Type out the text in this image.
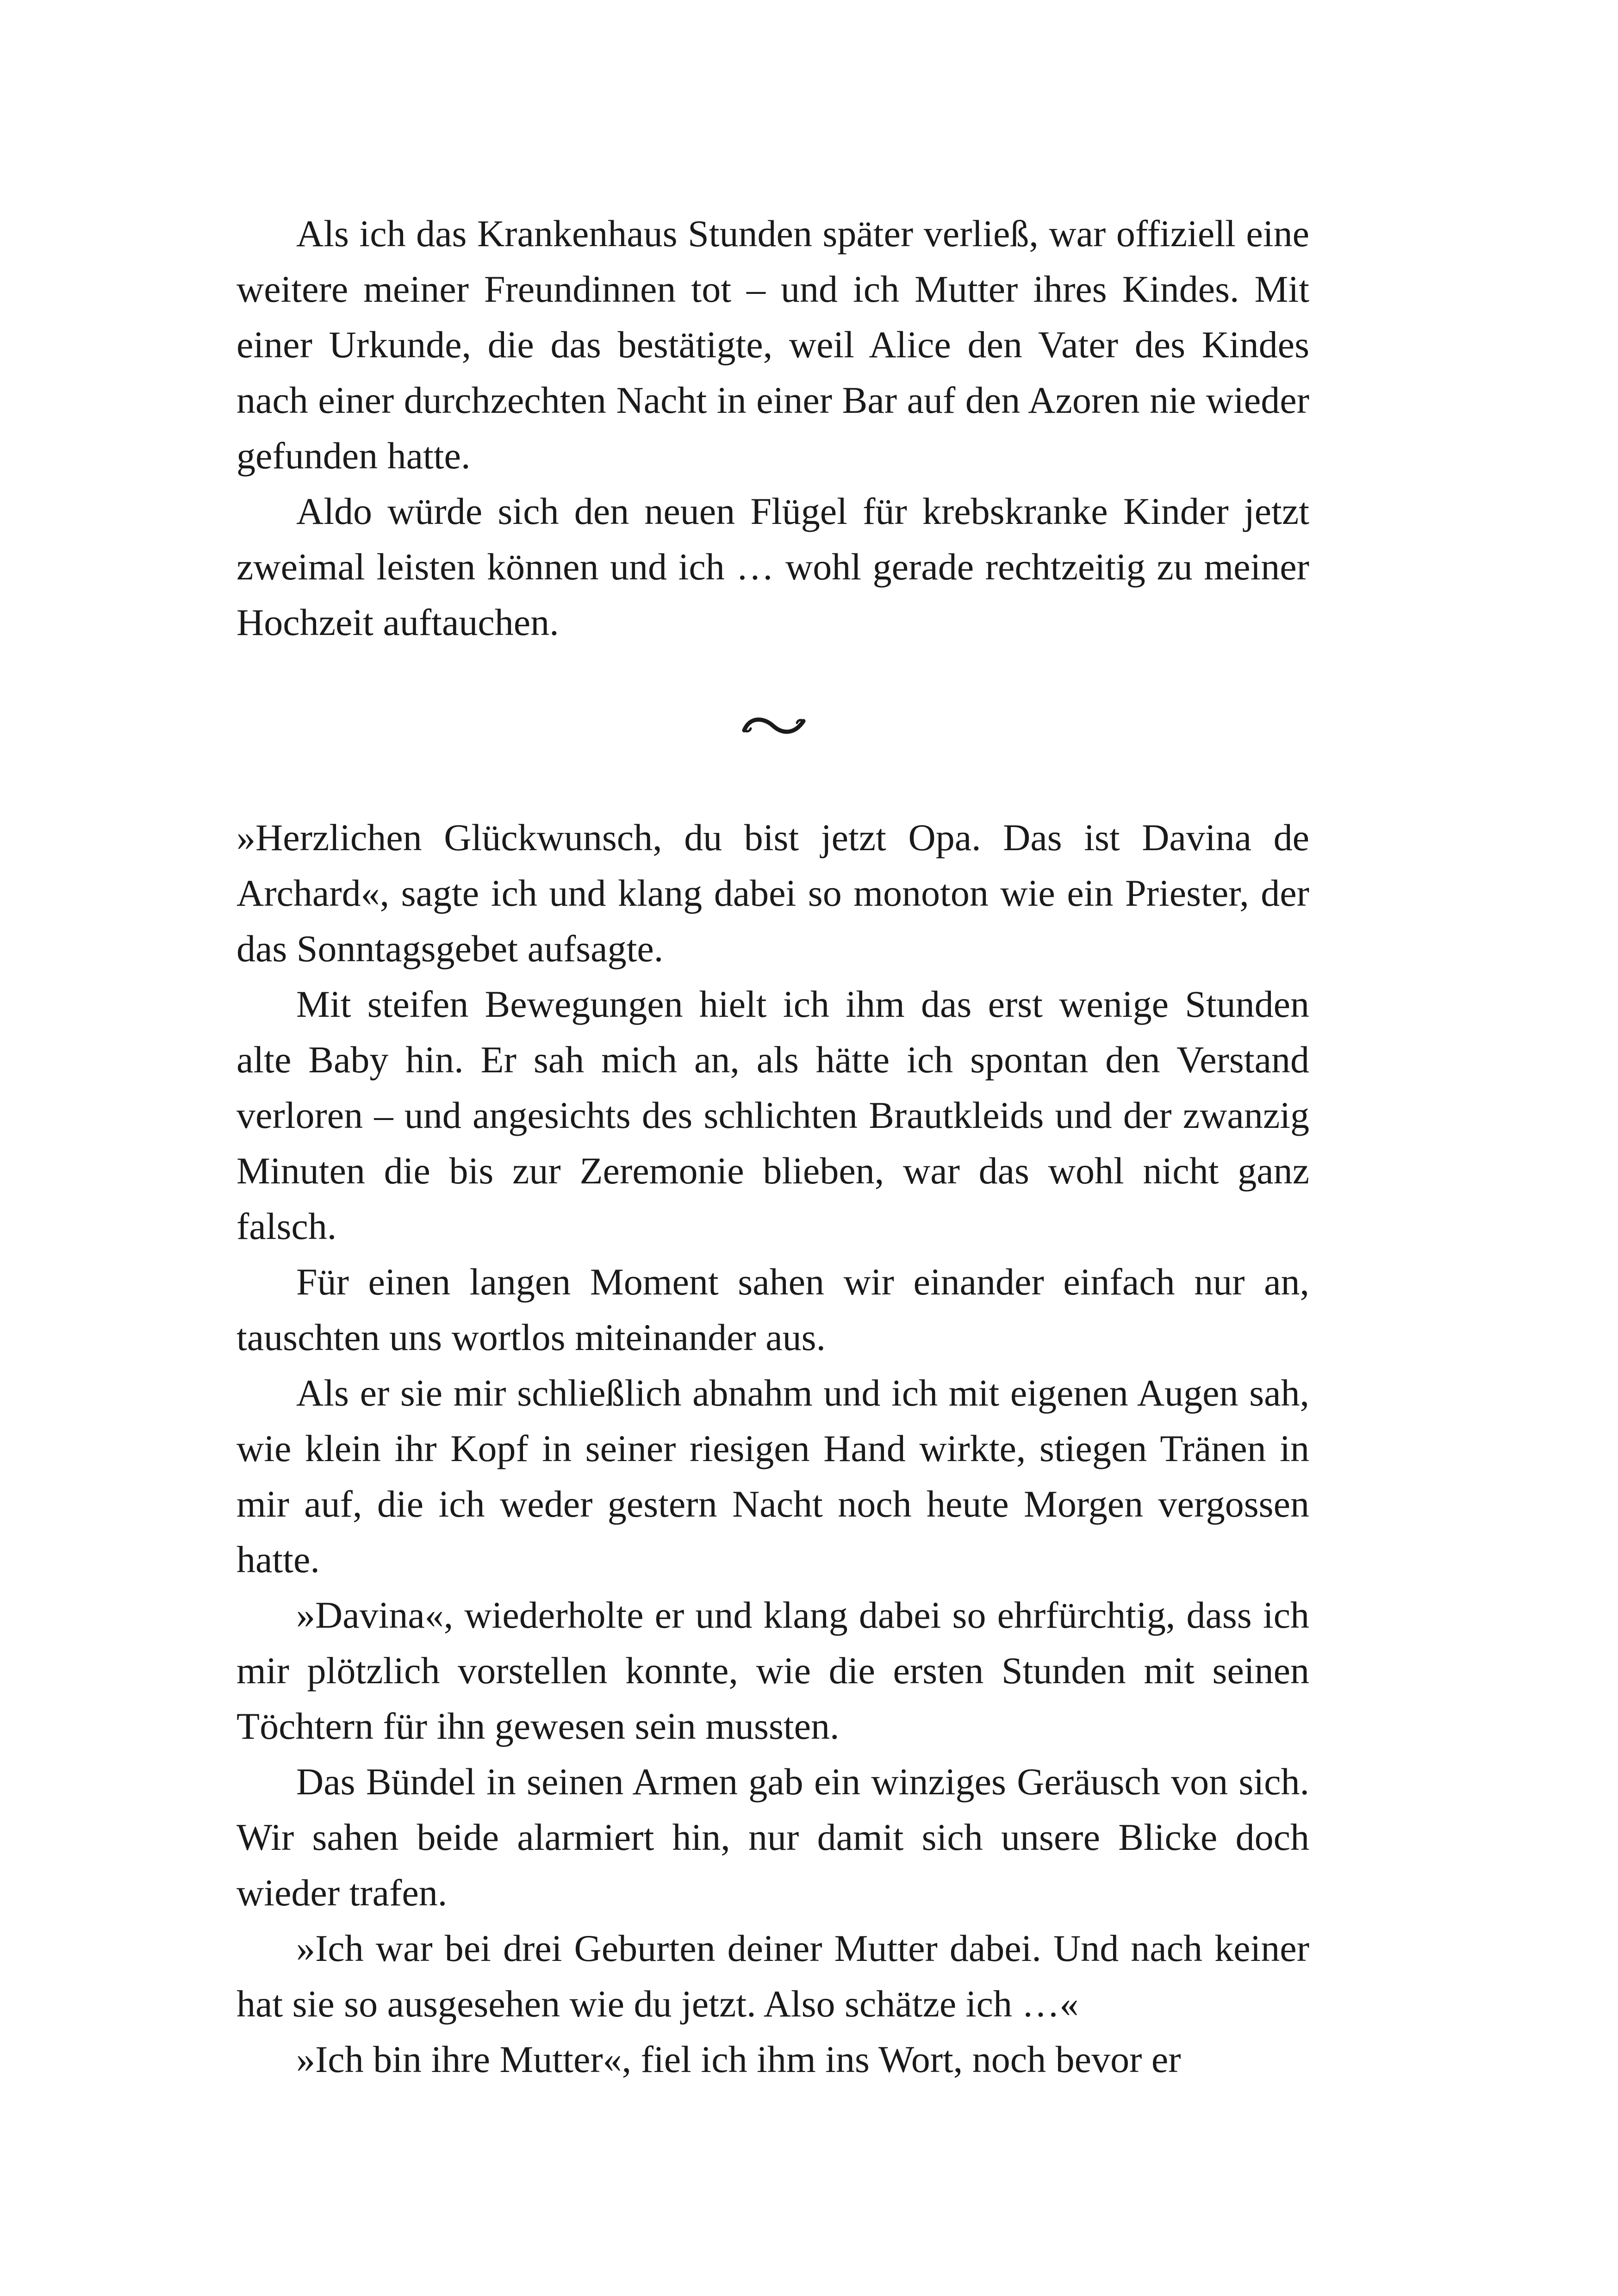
Als ich das Krankenhaus Stunden später verließ, war offiziell eine weitere meiner Freundinnen tot – und ich Mutter ihres Kindes. Mit einer Urkunde, die das bestätigte, weil Alice den Vater des Kindes nach einer durchzechten Nacht in einer Bar auf den Azoren nie wieder gefunden hatte.

Aldo würde sich den neuen Flügel für krebskranke Kinder jetzt zweimal leisten können und ich … wohl gerade rechtzeitig zu meiner Hochzeit auftauchen.

»Herzlichen Glückwunsch, du bist jetzt Opa. Das ist Davina de Archard«, sagte ich und klang dabei so monoton wie ein Priester, der das Sonntagsgebet aufsagte.

Mit steifen Bewegungen hielt ich ihm das erst wenige Stunden alte Baby hin. Er sah mich an, als hätte ich spontan den Verstand verloren – und angesichts des schlichten Brautkleids und der zwanzig Minuten die bis zur Zeremonie blieben, war das wohl nicht ganz falsch.

Für einen langen Moment sahen wir einander einfach nur an, tauschten uns wortlos miteinander aus.

Als er sie mir schließlich abnahm und ich mit eigenen Augen sah, wie klein ihr Kopf in seiner riesigen Hand wirkte, stiegen Tränen in mir auf, die ich weder gestern Nacht noch heute Morgen vergossen hatte.

»Davina«, wiederholte er und klang dabei so ehrfürchtig, dass ich mir plötzlich vorstellen konnte, wie die ersten Stunden mit seinen Töchtern für ihn gewesen sein mussten.

Das Bündel in seinen Armen gab ein winziges Geräusch von sich. Wir sahen beide alarmiert hin, nur damit sich unsere Blicke doch wieder trafen.

»Ich war bei drei Geburten deiner Mutter dabei. Und nach keiner hat sie so ausgesehen wie du jetzt. Also schätze ich …«

»Ich bin ihre Mutter«, fiel ich ihm ins Wort, noch bevor er
